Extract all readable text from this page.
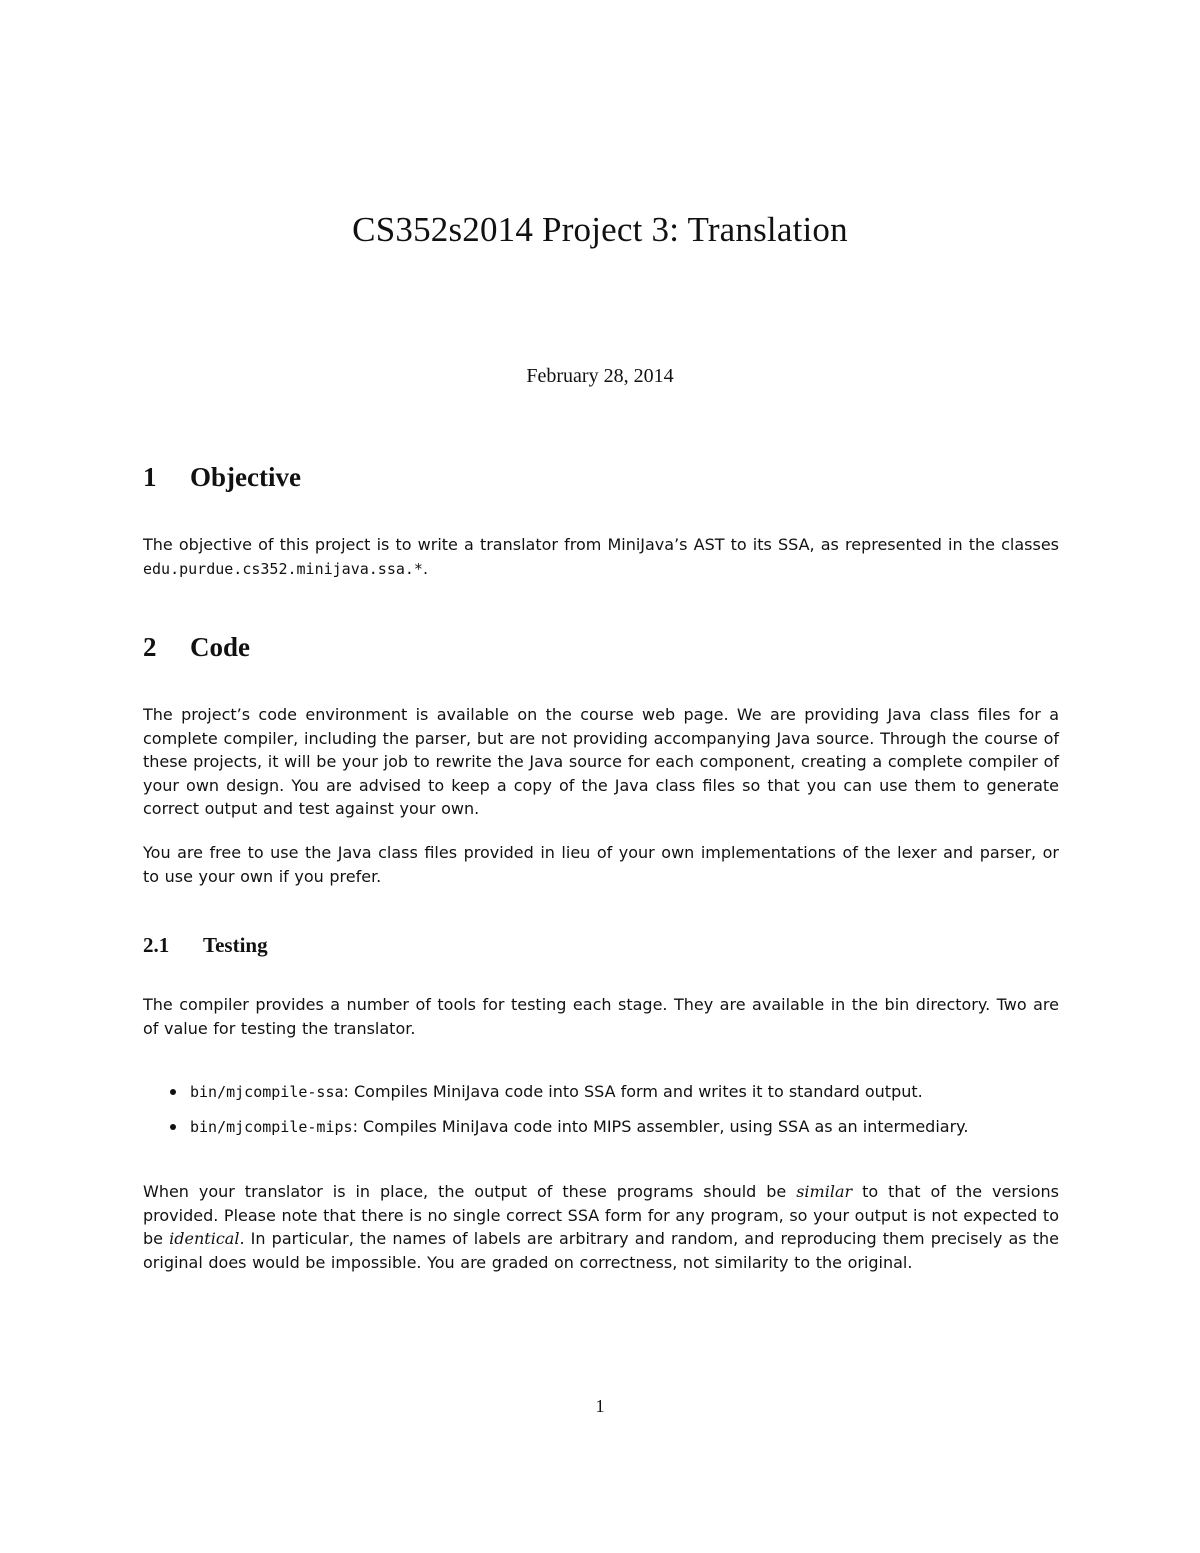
CS352s2014 Project 3: Translation
February 28, 2014
1 Objective

The objective of this project is to write a translator from MiniJava’s AST to its SSA, as represented in the classes edu.purdue.cs352.minijava.ssa.*.

2 Code

The project’s code environment is available on the course web page. We are providing Java class files for a complete compiler, including the parser, but are not providing accompanying Java source. Through the course of these projects, it will be your job to rewrite the Java source for each component, creating a complete compiler of your own design. You are advised to keep a copy of the Java class files so that you can use them to generate correct output and test against your own.

You are free to use the Java class files provided in lieu of your own implementations of the lexer and parser, or to use your own if you prefer.

2.1 Testing

The compiler provides a number of tools for testing each stage. They are available in the bin directory. Two are of value for testing the translator.

bin/mjcompile-ssa: Compiles MiniJava code into SSA form and writes it to standard output.
bin/mjcompile-mips: Compiles MiniJava code into MIPS assembler, using SSA as an intermediary.

When your translator is in place, the output of these programs should be similar to that of the versions provided. Please note that there is no single correct SSA form for any program, so your output is not expected to be identical. In particular, the names of labels are arbitrary and random, and reproducing them precisely as the original does would be impossible. You are graded on correctness, not similarity to the original.

1
